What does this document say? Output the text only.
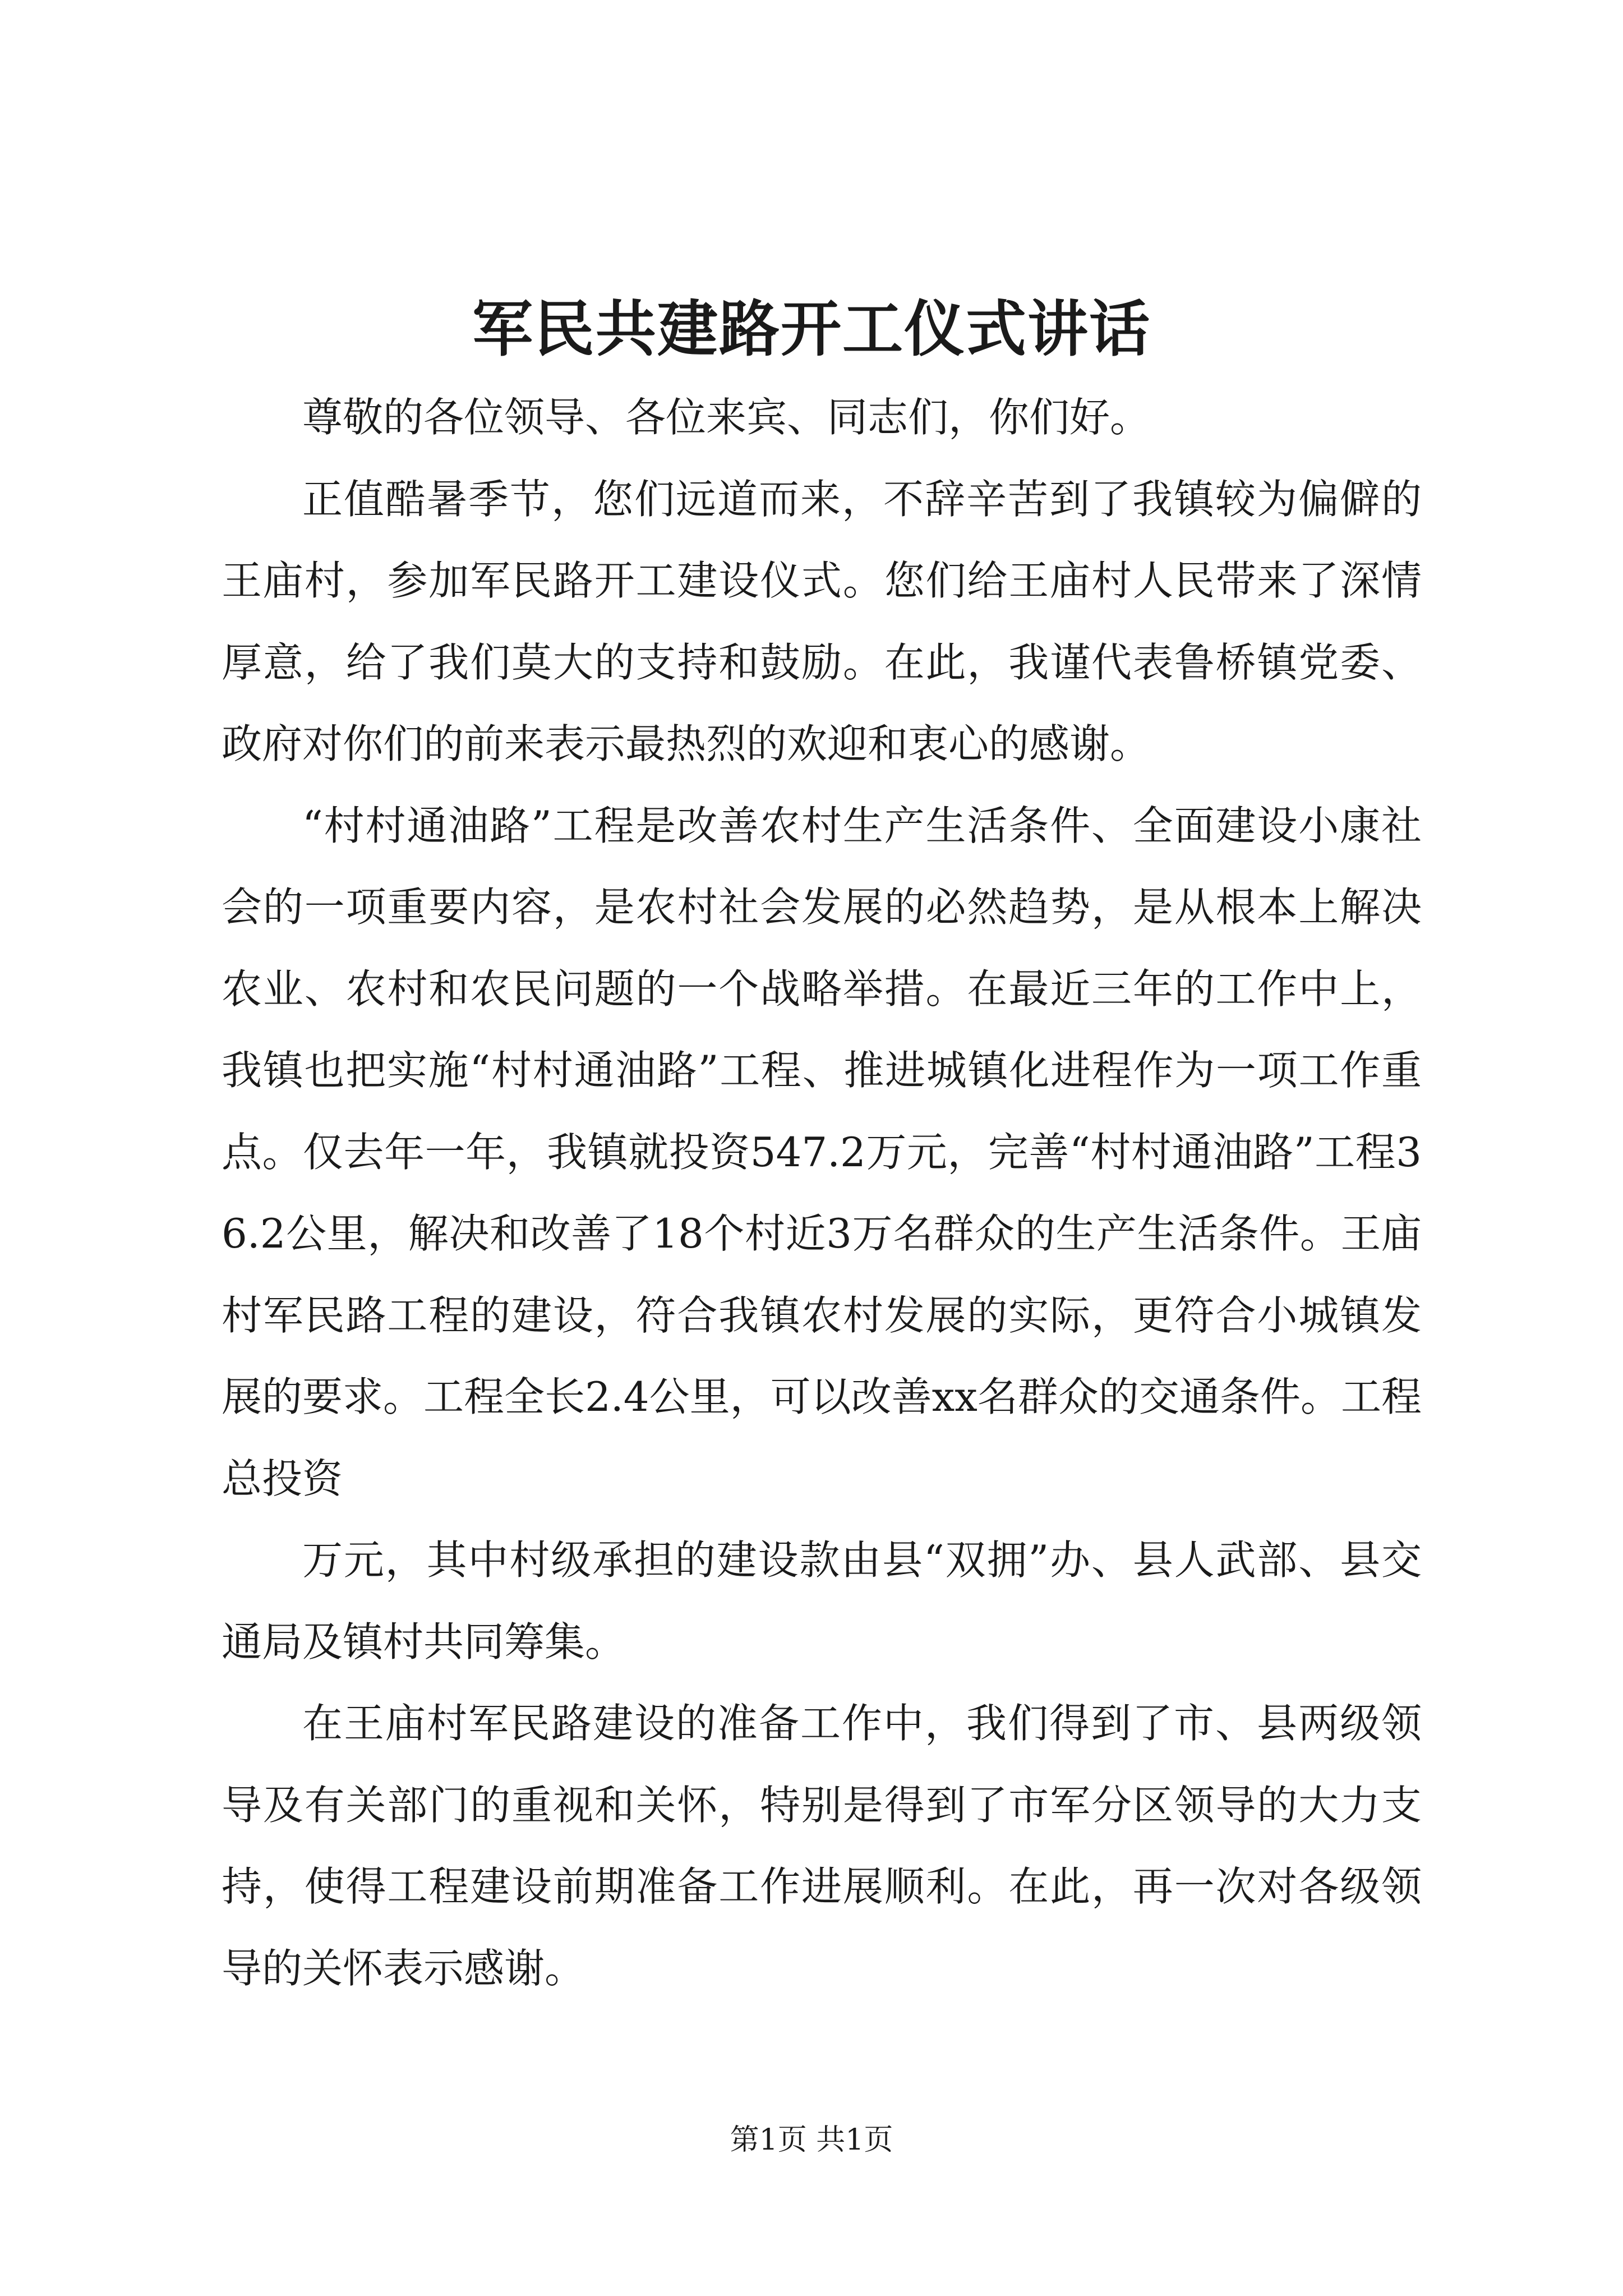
军民共建路开工仪式讲话

尊敬的各位领导、各位来宾、同志们，你们好。

正值酷暑季节，您们远道而来，不辞辛苦到了我镇较为偏僻的王庙村，参加军民路开工建设仪式。您们给王庙村人民带来了深情厚意，给了我们莫大的支持和鼓励。在此，我谨代表鲁桥镇党委、政府对你们的前来表示最热烈的欢迎和衷心的感谢。

“村村通油路”工程是改善农村生产生活条件、全面建设小康社会的一项重要内容，是农村社会发展的必然趋势，是从根本上解决农业、农村和农民问题的一个战略举措。在最近三年的工作中上，我镇也把实施“村村通油路”工程、推进城镇化进程作为一项工作重点。仅去年一年，我镇就投资547.2万元，完善“村村通油路”工程36.2公里，解决和改善了18个村近3万名群众的生产生活条件。王庙村军民路工程的建设，符合我镇农村发展的实际，更符合小城镇发展的要求。工程全长2.4公里，可以改善xx名群众的交通条件。工程总投资

万元，其中村级承担的建设款由县“双拥”办、县人武部、县交通局及镇村共同筹集。

在王庙村军民路建设的准备工作中，我们得到了市、县两级领导及有关部门的重视和关怀，特别是得到了市军分区领导的大力支持，使得工程建设前期准备工作进展顺利。在此，再一次对各级领导的关怀表示感谢。

第1页 共1页
